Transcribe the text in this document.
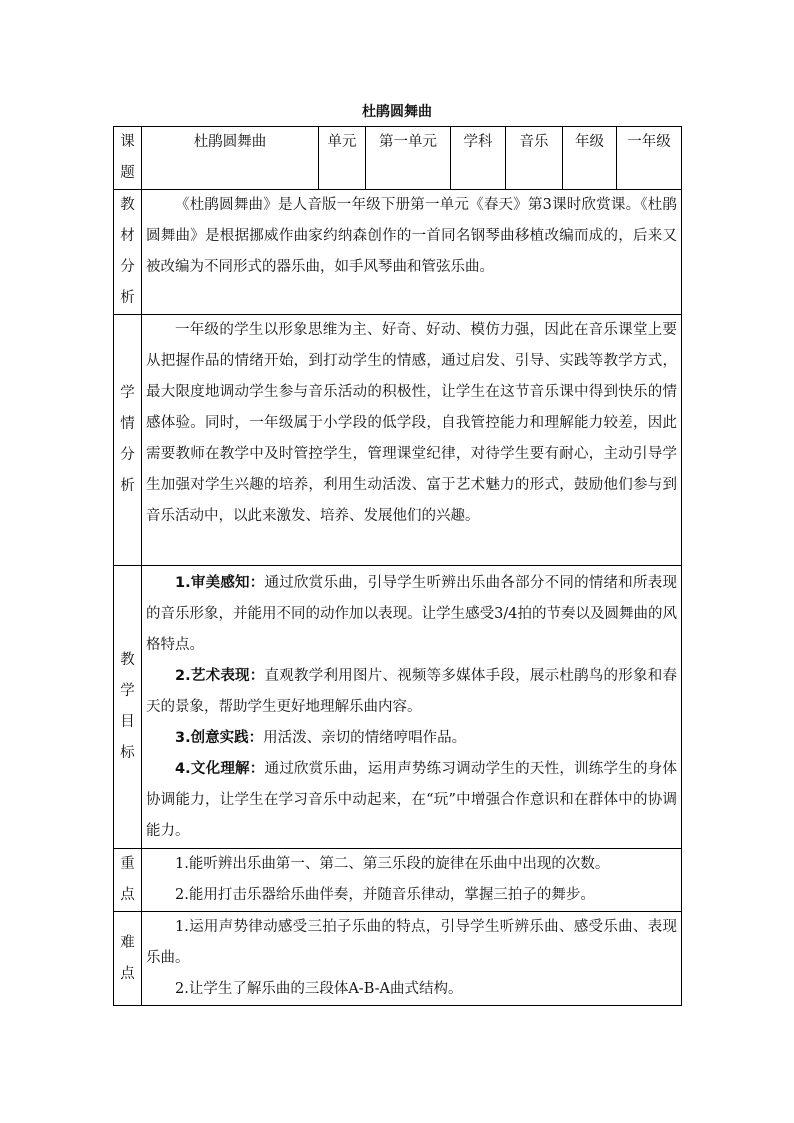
杜鹃圆舞曲
课题	杜鹃圆舞曲	单元	第一单元	学科	音乐	年级	一年级
教材分析	《杜鹃圆舞曲》是人音版一年级下册第一单元《春天》第3课时欣赏课。《杜鹃圆舞曲》是根据挪威作曲家约纳森创作的一首同名钢琴曲移植改编而成的，后来又被改编为不同形式的器乐曲，如手风琴曲和管弦乐曲。						

学情分析	一年级的学生以形象思维为主、好奇、好动、模仿力强，因此在音乐课堂上要从把握作品的情绪开始，到打动学生的情感，通过启发、引导、实践等教学方式，最大限度地调动学生参与音乐活动的积极性，让学生在这节音乐课中得到快乐的情感体验。同时，一年级属于小学段的低学段，自我管控能力和理解能力较差，因此需要教师在教学中及时管控学生，管理课堂纪律，对待学生要有耐心，主动引导学生加强对学生兴趣的培养，利用生动活泼、富于艺术魅力的形式，鼓励他们参与到音乐活动中，以此来激发、培养、发展他们的兴趣。						

教学目标	1.审美感知：通过欣赏乐曲，引导学生听辨出乐曲各部分不同的情绪和所表现的音乐形象，并能用不同的动作加以表现。让学生感受3/4拍的节奏以及圆舞曲的风格特点。

2.艺术表现：直观教学利用图片、视频等多媒体手段，展示杜鹃鸟的形象和春天的景象，帮助学生更好地理解乐曲内容。

3.创意实践：用活泼、亲切的情绪哼唱作品。

4.文化理解：通过欣赏乐曲，运用声势练习调动学生的天性，训练学生的身体协调能力，让学生在学习音乐中动起来，在“玩”中增强合作意识和在群体中的协调能力。						

重点	1.能听辨出乐曲第一、第二、第三乐段的旋律在乐曲中出现的次数。

2.能用打击乐器给乐曲伴奏，并随音乐律动，掌握三拍子的舞步。						

难点	1.运用声势律动感受三拍子乐曲的特点，引导学生听辨乐曲、感受乐曲、表现乐曲。

2.让学生了解乐曲的三段体A-B-A曲式结构。						
